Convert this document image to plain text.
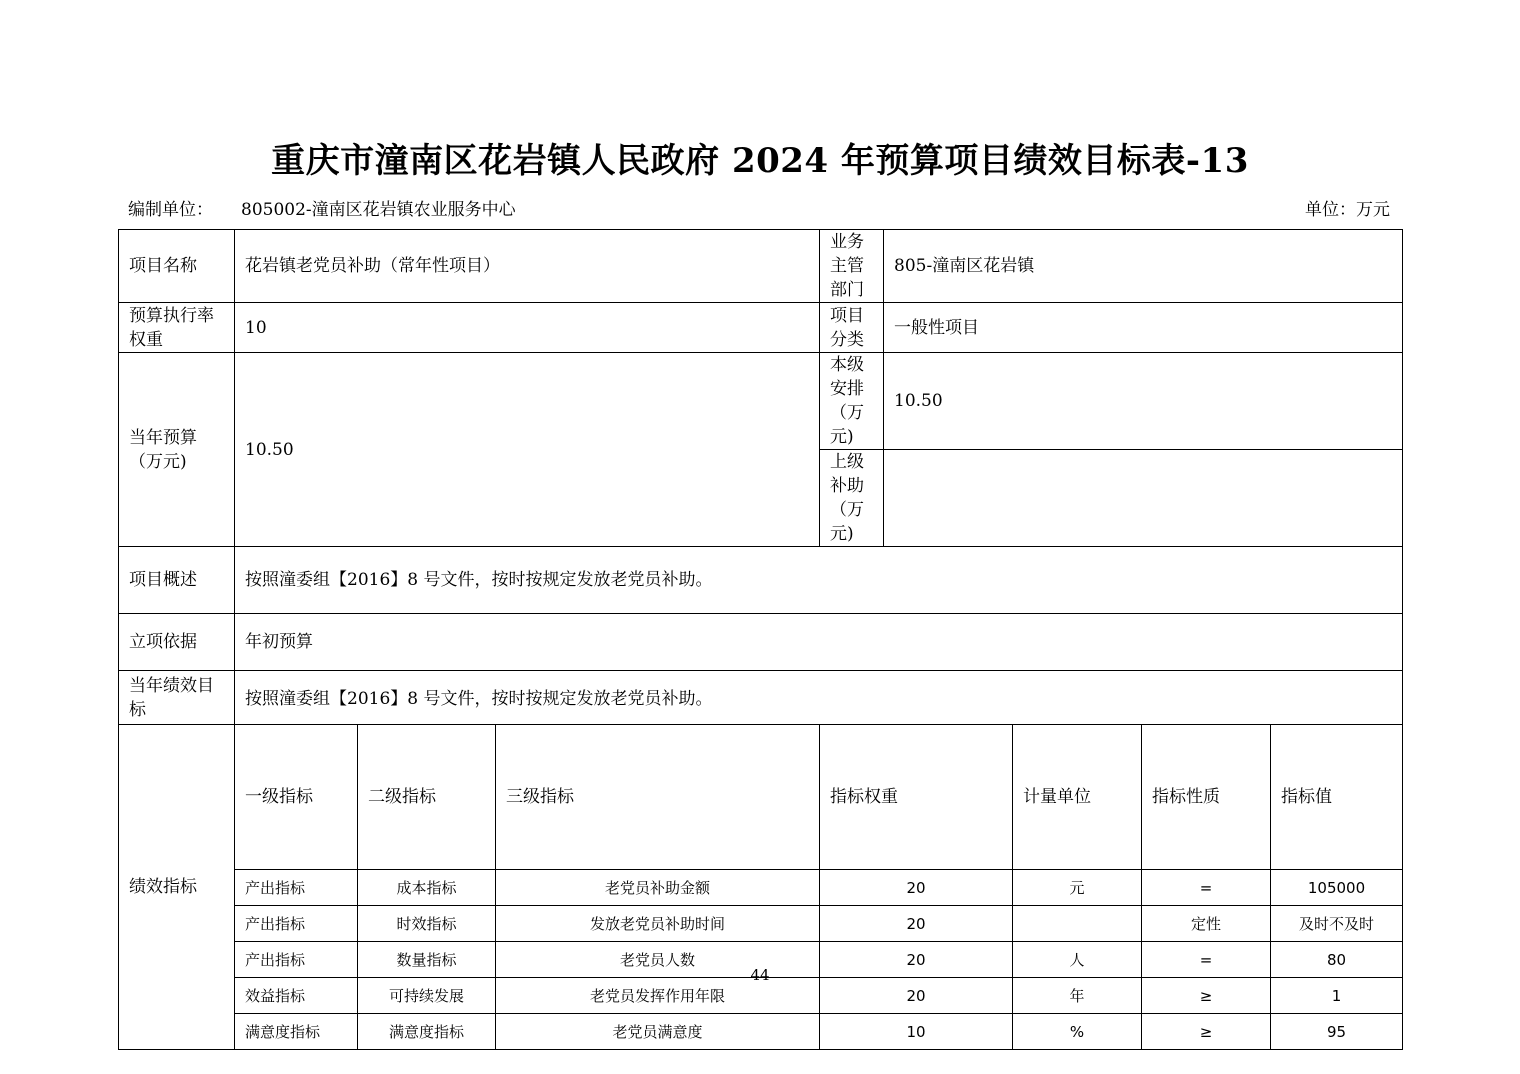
重庆市潼南区花岩镇人民政府 2024 年预算项目绩效目标表-13
编制单位： 805002-潼南区花岩镇农业服务中心	单位：万元
项目名称	花岩镇老党员补助（常年性项目）			业务主管部门	805-潼南区花岩镇				
预算执行率权重	10			项目分类	一般性项目				
当年预算（万元)	10.50			本级安排（万元)	10.50				
				上级补助（万元)					
项目概述	按照潼委组【2016】8 号文件，按时按规定发放老党员补助。								
立项依据	年初预算								
当年绩效目标	按照潼委组【2016】8 号文件，按时按规定发放老党员补助。								
绩效指标	一级指标	二级指标	三级指标	指标权重		计量单位	指标性质	指标值	
	产出指标	成本指标	老党员补助金额	20		元	=	105000	
	产出指标	时效指标	发放老党员补助时间	20			定性	及时不及时	
	产出指标	数量指标	老党员人数	20		人	=	80	
	效益指标	可持续发展	老党员发挥作用年限	20		年	≥	1	
	满意度指标	满意度指标	老党员满意度	10		%	≥	95	
44
